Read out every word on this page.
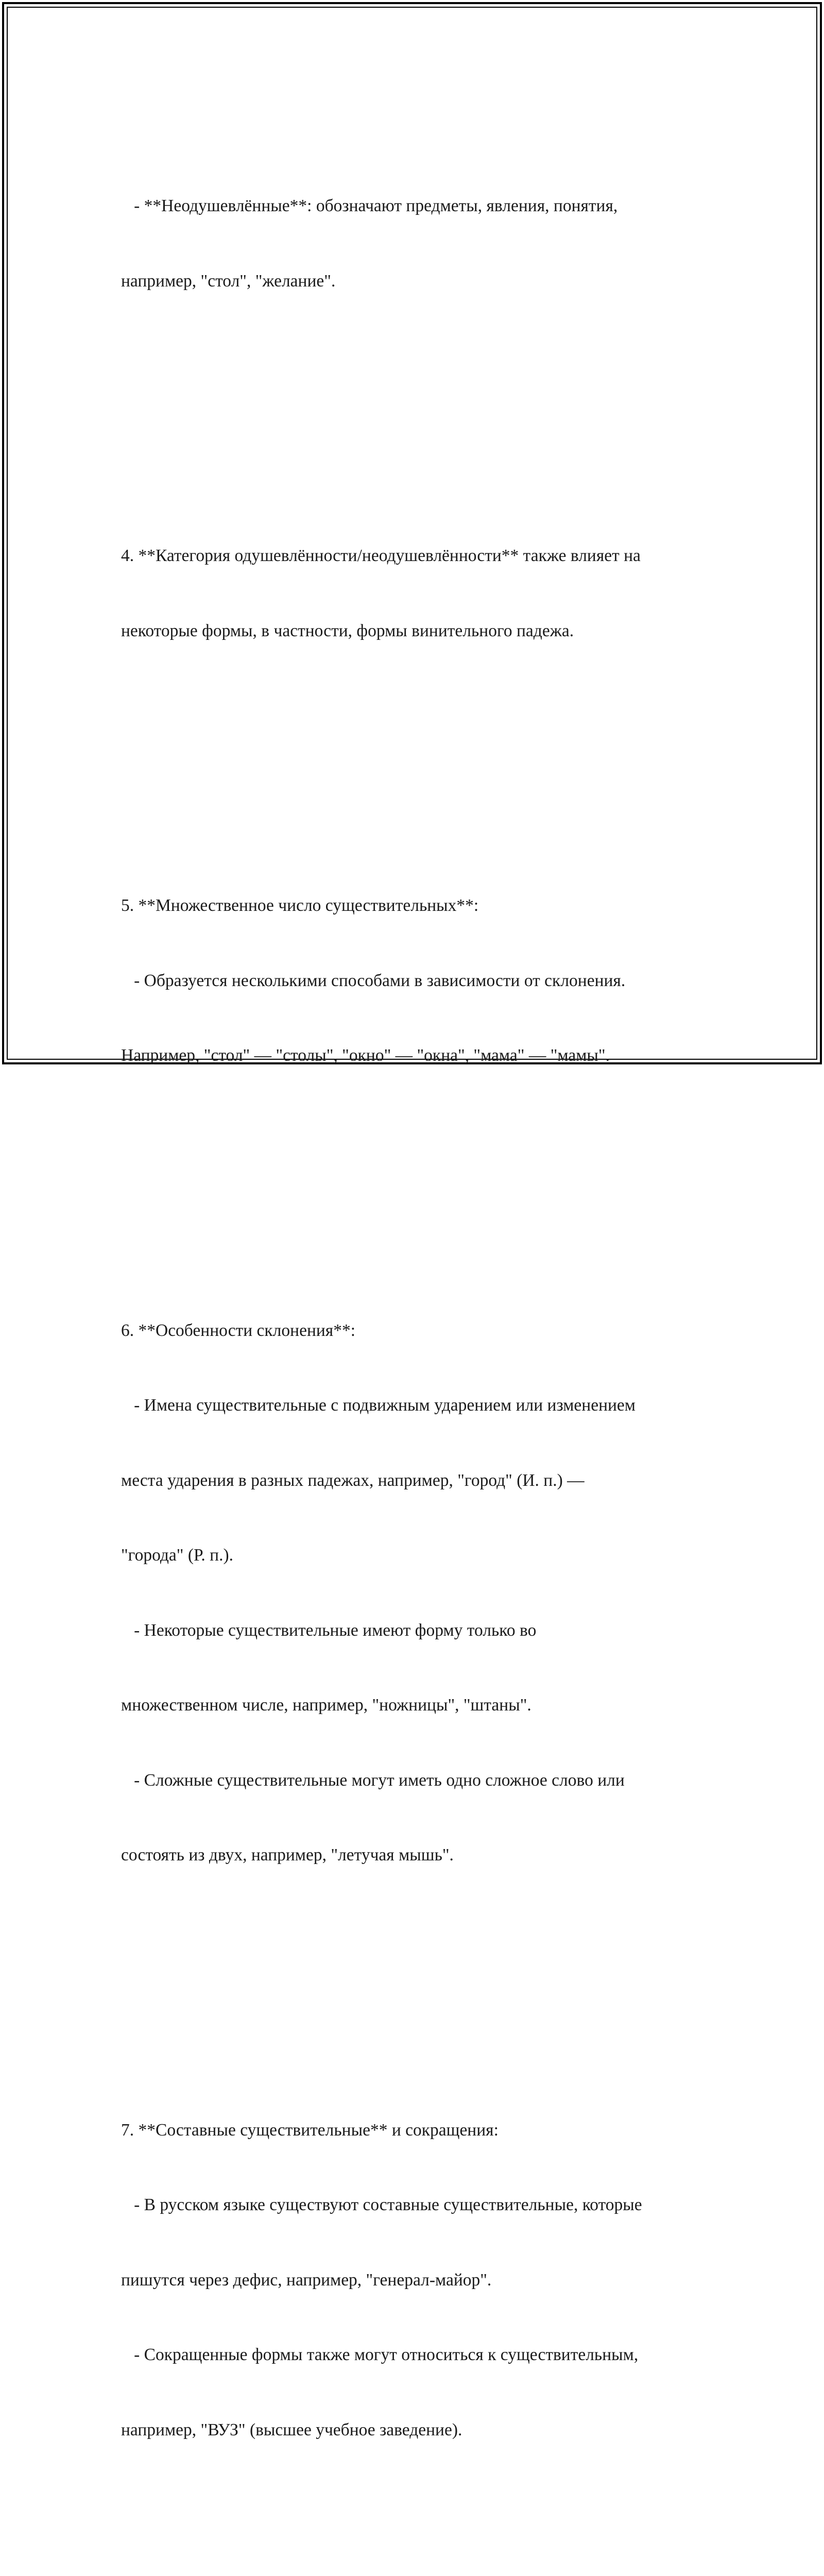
- **Неодушевлённые**: обозначают предметы, явления, понятия,

например, "стол", "желание".

4. **Категория одушевлённости/неодушевлённости** также влияет на

некоторые формы, в частности, формы винительного падежа.

5. **Множественное число существительных**:

- Образуется несколькими способами в зависимости от склонения.

Например, "стол" — "столы", "окно" — "окна", "мама" — "мамы".

6. **Особенности склонения**:

- Имена существительные с подвижным ударением или изменением

места ударения в разных падежах, например, "город" (И. п.) —

"города" (Р. п.).

- Некоторые существительные имеют форму только во

множественном числе, например, "ножницы", "штаны".

- Сложные существительные могут иметь одно сложное слово или

состоять из двух, например, "летучая мышь".

7. **Составные существительные** и сокращения:

- В русском языке существуют составные существительные, которые

пишутся через дефис, например, "генерал-майор".

- Сокращенные формы также могут относиться к существительным,

например, "ВУЗ" (высшее учебное заведение).
